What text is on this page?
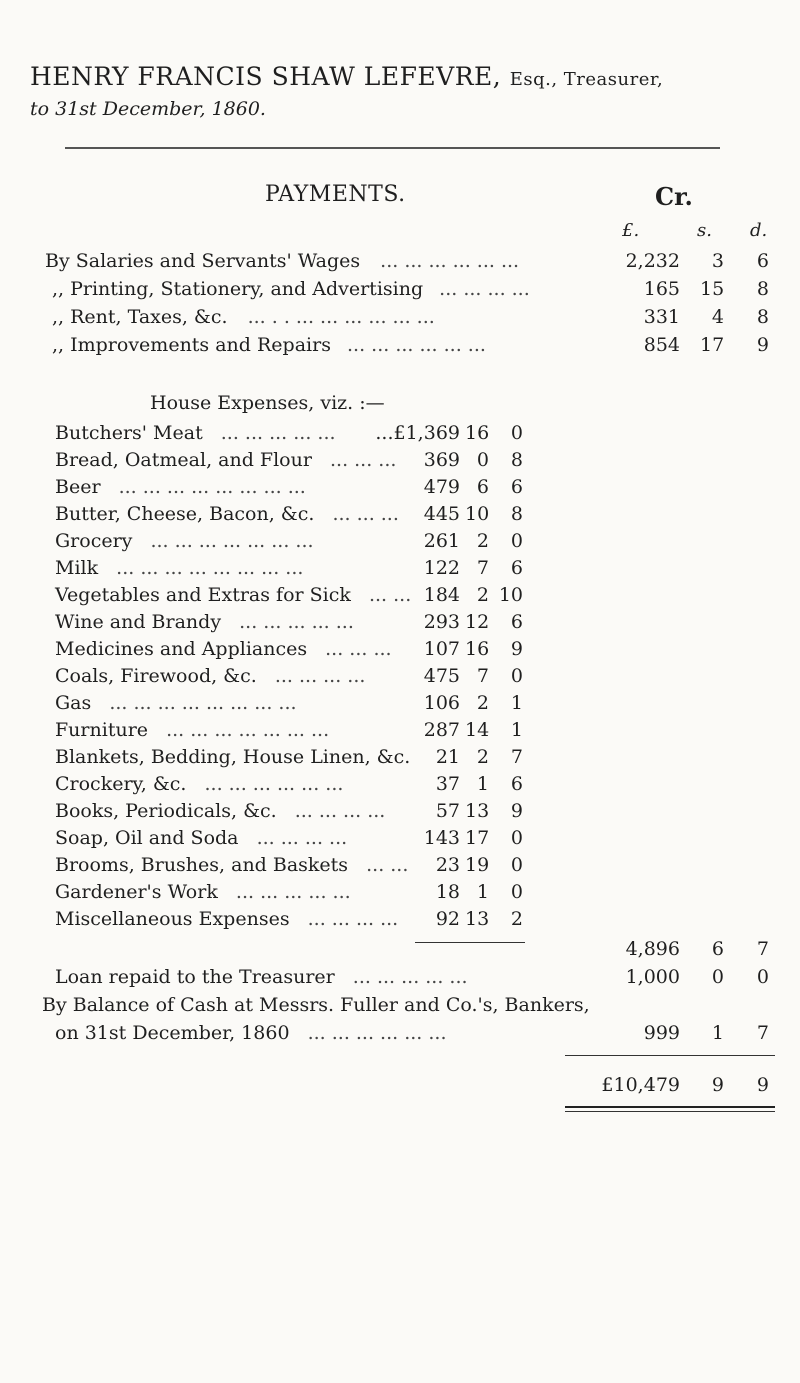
HENRY FRANCIS SHAW LEFEVRE, Esq., Treasurer,
to 31st December, 1860.
PAYMENTS.	Cr.
£.	s. d.
By Salaries and Servants' Wages ... ... ... ... ... ...	2,232	3	6
,, Printing, Stationery, and Advertising ... ... ... ...	165 15	8
,, Rent, Taxes, &c. ... . . ... ... ... ... ... ...	331	4	8
,, Improvements and Repairs ... ... ... ... ... ...	854 17	9
House Expenses, viz. :—
Butchers' Meat ... ... ... ... ...	...£1,369 16	0
Bread, Oatmeal, and Flour ... ... ...	369 0	8
Beer ... ... ... ... ... ... ... ...	479 6	6
Butter, Cheese, Bacon, &c. ... ... ...	445 10	8
Grocery ... ... ... ... ... ... ...	261 2	0
Milk ... ... ... ... ... ... ... ...	122 7	6
Vegetables and Extras for Sick ... ... 184 2 10
Wine and Brandy ... ... ... ... ...	293 12	6
Medicines and Appliances ... ... ...	107 16	9
Coals, Firewood, &c. ... ... ... ...	475 7	0
Gas ... ... ... ... ... ... ... ...	106 2	1
Furniture ... ... ... ... ... ... ...	287 14	1
Blankets, Bedding, House Linen, &c.	21 2	7
Crockery, &c. ... ... ... ... ... ...	37 1	6
Books, Periodicals, &c. ... ... ... ...	57 13	9
Soap, Oil and Soda ... ... ... ...	143 17	0
Brooms, Brushes, and Baskets ... ...	23 19	0
Gardener's Work ... ... ... ... ...	18 1	0
Miscellaneous Expenses ... ... ... ...	92 13	2
4,896	6	7
Loan repaid to the Treasurer ... ... ... ... ...	1,000	0	0
By Balance of Cash at Messrs. Fuller and Co.'s, Bankers,
on 31st December, 1860 ... ... ... ... ... ...	999	1	7
£10,479	9	9
